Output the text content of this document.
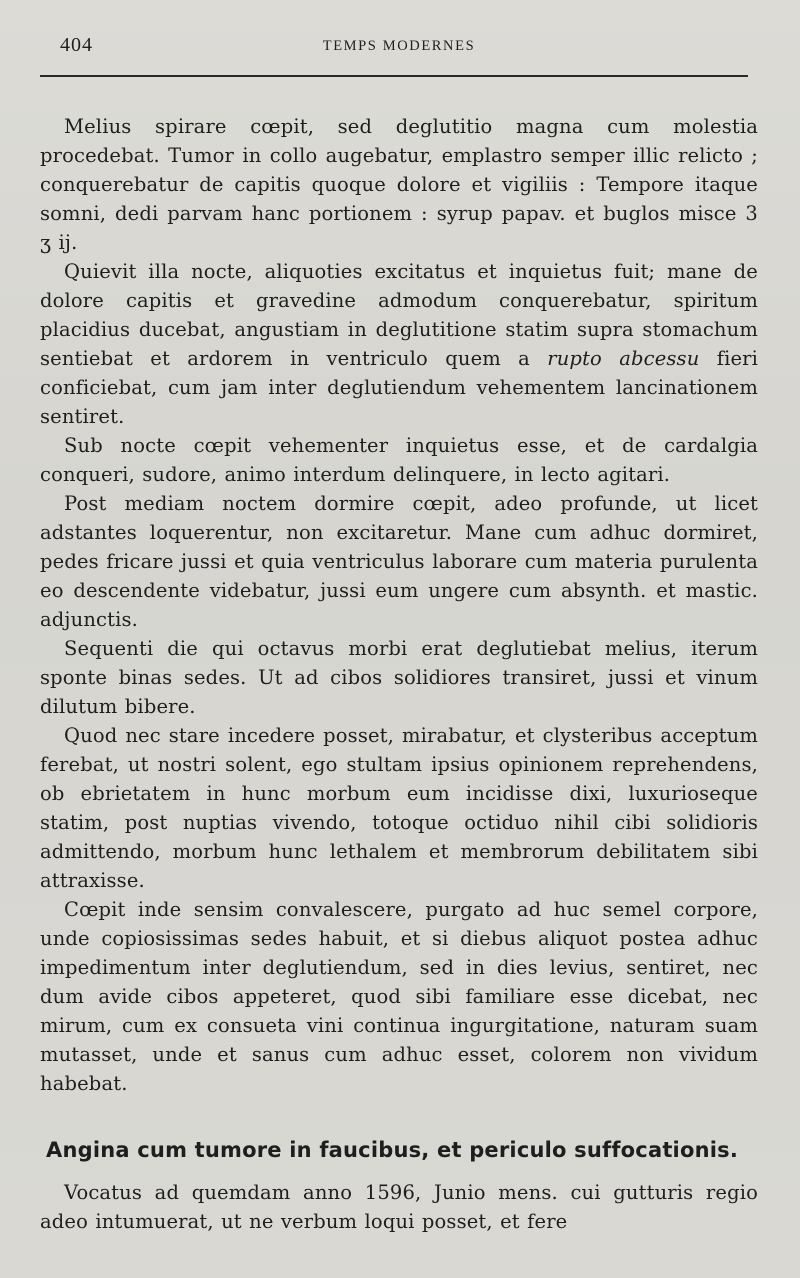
404	TEMPS MODERNES

Melius spirare cœpit, sed deglutitio magna cum molestia procedebat. Tumor in collo augebatur, emplastro semper illic relicto ; conquerebatur de capitis quoque dolore et vigiliis : Tempore itaque somni, dedi parvam hanc portionem : syrup papav. et buglos misce 3 ʒ ij.

Quievit illa nocte, aliquoties excitatus et inquietus fuit; mane de dolore capitis et gravedine admodum conquerebatur, spiritum placidius ducebat, angustiam in deglutitione statim supra stomachum sentiebat et ardorem in ventriculo quem a rupto abcessu fieri conficiebat, cum jam inter deglutiendum vehementem lancinationem sentiret.

Sub nocte cœpit vehementer inquietus esse, et de cardalgia conqueri, sudore, animo interdum delinquere, in lecto agitari.

Post mediam noctem dormire cœpit, adeo profunde, ut licet adstantes loquerentur, non excitaretur. Mane cum adhuc dormiret, pedes fricare jussi et quia ventriculus laborare cum materia purulenta eo descendente videbatur, jussi eum ungere cum absynth. et mastic. adjunctis.

Sequenti die qui octavus morbi erat deglutiebat melius, iterum sponte binas sedes. Ut ad cibos solidiores transiret, jussi et vinum dilutum bibere.

Quod nec stare incedere posset, mirabatur, et clysteribus acceptum ferebat, ut nostri solent, ego stultam ipsius opinionem reprehendens, ob ebrietatem in hunc morbum eum incidisse dixi, luxurioseque statim, post nuptias vivendo, totoque octiduo nihil cibi solidioris admittendo, morbum hunc lethalem et membrorum debilitatem sibi attraxisse.

Cœpit inde sensim convalescere, purgato ad huc semel corpore, unde copiosissimas sedes habuit, et si diebus aliquot postea adhuc impedimentum inter deglutiendum, sed in dies levius, sentiret, nec dum avide cibos appeteret, quod sibi familiare esse dicebat, nec mirum, cum ex consueta vini continua ingurgitatione, naturam suam mutasset, unde et sanus cum adhuc esset, colorem non vividum habebat.

Angina cum tumore in faucibus, et periculo suffocationis.

Vocatus ad quemdam anno 1596, Junio mens. cui gutturis regio adeo intumuerat, ut ne verbum loqui posset, et fere
